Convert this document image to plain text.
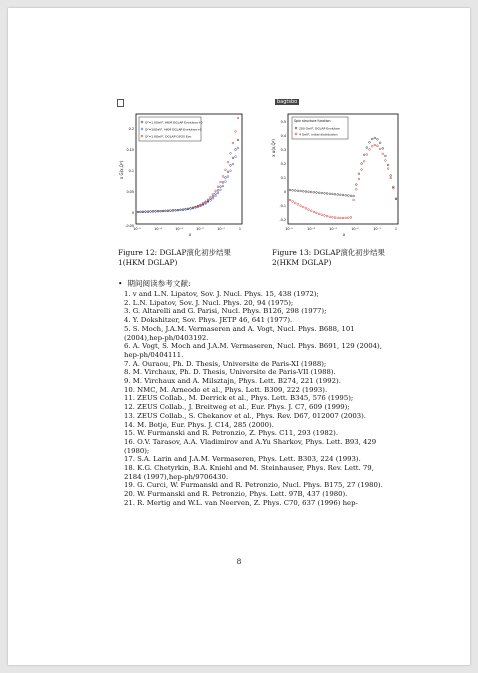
Q²=1.0GeV², HKM DGLAP Evolution+0
Q²=10GeV², HKM DGLAP Evolution+0
Q²=1.0GeV², DGLAP OSGS Evo
0.2
0.15
0.1
0.05
0
-0.05
10⁻⁵	10⁻⁴	10⁻³	10⁻²	10⁻¹	1
x
x G(x,Q²)
Figure 12: DGLAP演化初步结果1(HKM DGLAP)
bagtsbo
Spin structure function
200 GeV², DGLAP Evolution
4 GeV², initial distribution
0.5
0.4
0.3
0.2
0.1
0
-0.1
-0.2
10⁻⁵	10⁻⁴	10⁻³	10⁻²	10⁻¹	1
x
x u(x,Q²)
Figure 13: DGLAP演化初步结果2(HKM DGLAP)
•  期间阅读参考文献:
1. v and L.N. Lipatov, Sov. J. Nucl. Phys. 15, 438 (1972);
2. L.N. Lipatov, Sov. J. Nucl. Phys. 20, 94 (1975);
3. G. Altarelli and G. Parisi, Nucl. Phys. B126, 298 (1977);
4. Y. Dokshitzer, Sov. Phys. JETP 46, 641 (1977).
5. S. Moch, J.A.M. Vermaseren and A. Vogt, Nucl. Phys. B688, 101 (2004),hep-ph/0403192.
6. A. Vogt, S. Moch and J.A.M. Vermaseren, Nucl. Phys. B691, 129 (2004), hep-ph/0404111.
7. A. Ouraou, Ph. D. Thesis, Universite de Paris-XI (1988);
8. M. Virchaux, Ph. D. Thesis, Universite de Paris-VII (1988).
9. M. Virchaux and A. Milsztajn, Phys. Lett. B274, 221 (1992).
10. NMC, M. Arneodo et al., Phys. Lett. B309, 222 (1993).
11. ZEUS Collab., M. Derrick et al., Phys. Lett. B345, 576 (1995);
12. ZEUS Collab., J. Breitweg et al., Eur. Phys. J. C7, 609 (1999);
13. ZEUS Collab., S. Chekanov et al., Phys. Rev. D67, 012007 (2003).
14. M. Botje, Eur. Phys. J. C14, 285 (2000).
15. W. Furmanski and R. Petronzio, Z. Phys. C11, 293 (1982).
16. O.V. Tarasov, A.A. Vladimirov and A.Yu Sharkov, Phys. Lett. B93, 429 (1980);
17. S.A. Larin and J.A.M. Vermaseren, Phys. Lett. B303, 224 (1993).
18. K.G. Chetyrkin, B.A. Kniehl and M. Steinhauser, Phys. Rev. Lett. 79, 2184 (1997),hep-ph/9706430.
19. G. Curci, W. Furmanski and R. Petronzio, Nucl. Phys. B175, 27 (1980).
20. W. Furmanski and R. Petronzio, Phys. Lett. 97B, 437 (1980).
21. R. Mertig and W.L. van Neerven, Z. Phys. C70, 637 (1996) hep-
8
